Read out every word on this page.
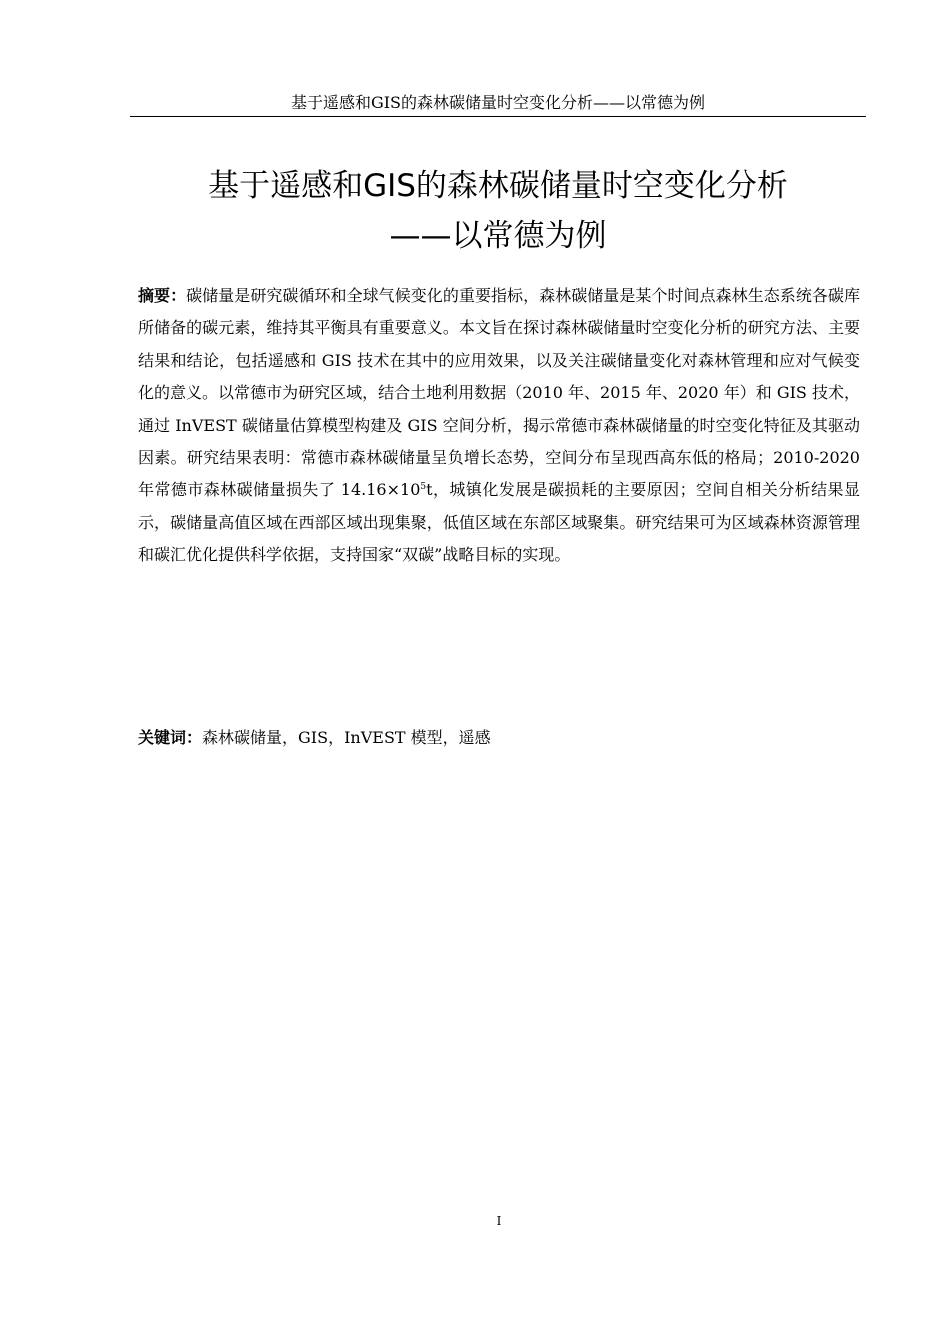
基于遥感和GIS的森林碳储量时空变化分析——以常德为例
基于遥感和GIS的森林碳储量时空变化分析
——以常德为例
摘要：碳储量是研究碳循环和全球气候变化的重要指标，森林碳储量是某个时间点森林生态系统各碳库所储备的碳元素，维持其平衡具有重要意义。本文旨在探讨森林碳储量时空变化分析的研究方法、主要结果和结论，包括遥感和 GIS 技术在其中的应用效果，以及关注碳储量变化对森林管理和应对气候变化的意义。以常德市为研究区域，结合土地利用数据（2010 年、2015 年、2020 年）和 GIS 技术，通过 InVEST 碳储量估算模型构建及 GIS 空间分析，揭示常德市森林碳储量的时空变化特征及其驱动因素。研究结果表明：常德市森林碳储量呈负增长态势，空间分布呈现西高东低的格局；2010-2020 年常德市森林碳储量损失了 $14.16\times 10^5t$，城镇化发展是碳损耗的主要原因；空间自相关分析结果显示，碳储量高值区域在西部区域出现集聚，低值区域在东部区域聚集。研究结果可为区域森林资源管理和碳汇优化提供科学依据，支持国家“双碳”战略目标的实现。
关键词：森林碳储量，GIS，InVEST 模型，遥感
I
